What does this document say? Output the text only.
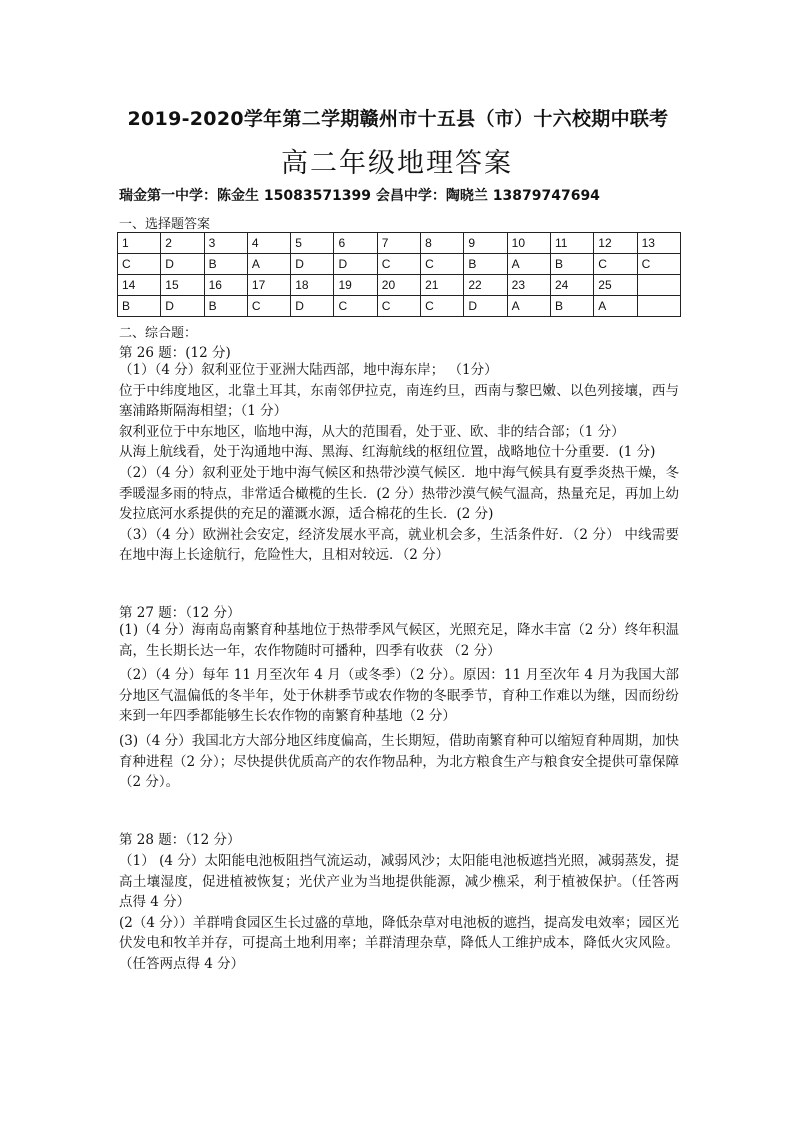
2019-2020学年第二学期赣州市十五县（市）十六校期中联考
高二年级地理答案
瑞金第一中学：陈金生 15083571399 会昌中学：陶晓兰 13879747694
一、选择题答案
1	2	3	4	5	6	7	8	9	10	11	12	13
C	D	B	A	D	D	C	C	B	A	B	C	C
14	15	16	17	18	19	20	21	22	23	24	25	
B	D	B	C	D	C	C	C	D	A	B	A	
二、综合题：
第 26 题：(12 分)

（1）（4 分）叙利亚位于亚洲大陆西部，地中海东岸； （1分）

位于中纬度地区，北靠土耳其，东南邻伊拉克，南连约旦，西南与黎巴嫩、以色列接壤，西与塞浦路斯隔海相望；（1 分）

叙利亚位于中东地区，临地中海，从大的范围看，处于亚、欧、非的结合部；（1 分）

从海上航线看，处于沟通地中海、黑海、红海航线的枢纽位置，战略地位十分重要．(1 分)

（2）（4 分）叙利亚处于地中海气候区和热带沙漠气候区．地中海气候具有夏季炎热干燥，冬季暖湿多雨的特点，非常适合橄榄的生长．(2 分）热带沙漠气候气温高，热量充足，再加上幼发拉底河水系提供的充足的灌溉水源，适合棉花的生长．(2 分)

（3）（4 分）欧洲社会安定，经济发展水平高，就业机会多，生活条件好．（2 分） 中线需要在地中海上长途航行，危险性大，且相对较远．（2 分）

第 27 题：（12 分）

(1)（4 分）海南岛南繁育种基地位于热带季风气候区，光照充足，降水丰富（2 分）终年积温高，生长期长达一年，农作物随时可播种，四季有收获 （2 分）

（2）（4 分）每年 11 月至次年 4 月（或冬季）（2 分）。原因：11 月至次年 4 月为我国大部分地区气温偏低的冬半年，处于休耕季节或农作物的冬眠季节，育种工作难以为继，因而纷纷来到一年四季都能够生长农作物的南繁育种基地（2 分）

(3)（4 分）我国北方大部分地区纬度偏高，生长期短，借助南繁育种可以缩短育种周期，加快育种进程（2 分）；尽快提供优质高产的农作物品种，为北方粮食生产与粮食安全提供可靠保障（2 分）。

第 28 题：（12 分）

（1） (4 分）太阳能电池板阻挡气流运动，减弱风沙；太阳能电池板遮挡光照，减弱蒸发，提高土壤湿度，促进植被恢复；光伏产业为当地提供能源，减少樵采，利于植被保护。（任答两点得 4 分）

(2（4 分））羊群啃食园区生长过盛的草地，降低杂草对电池板的遮挡，提高发电效率；园区光伏发电和牧羊并存，可提高土地利用率；羊群清理杂草，降低人工维护成本，降低火灾风险。（任答两点得 4 分）
